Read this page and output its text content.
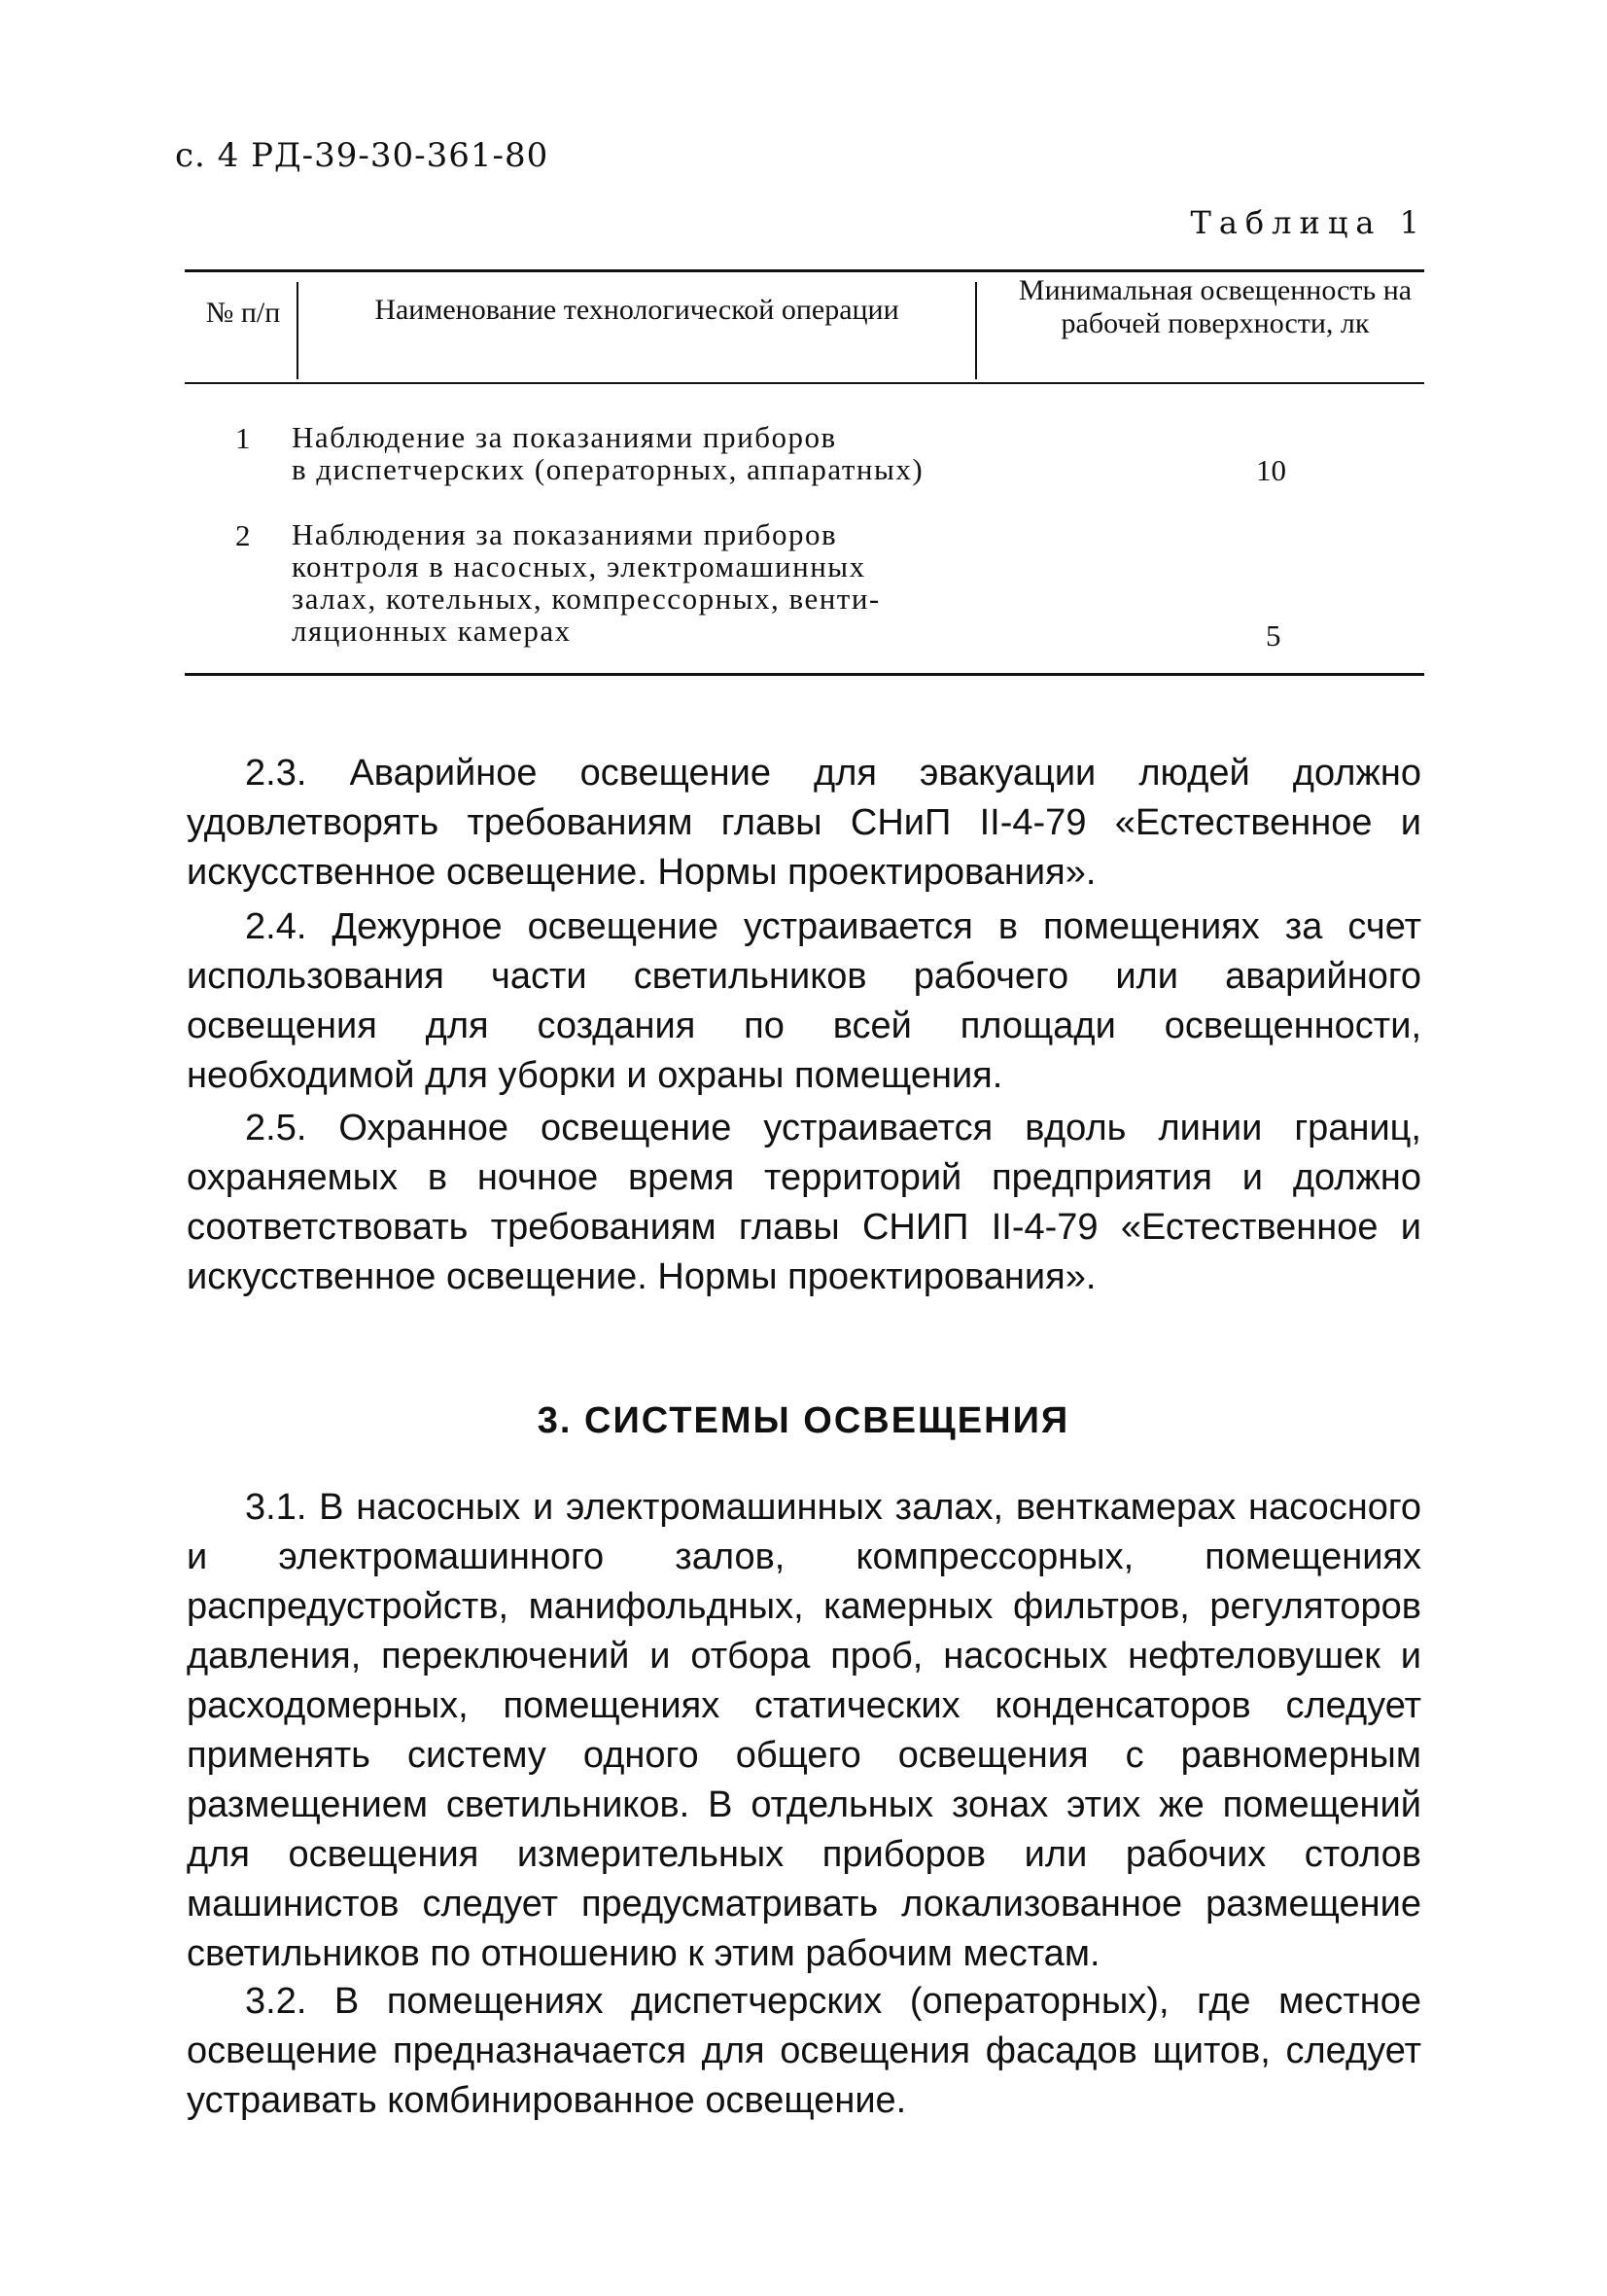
с. 4 РД-39-30-361-80
Таблица 1
№ п/п	Наименование технологической операции
Минимальная освещенность на рабочей поверхности, лк
1 Наблюдение за показаниями приборов
в диспетчерских (операторных, аппаратных)	10
2 Наблюдения за показаниями приборов
контроля в насосных, электромашинных
залах, котельных, компрессорных, венти-
ляционных камерах	5

2.3. Аварийное освещение для эвакуации людей должно удовлетворять требованиям главы СНиП II-4-79 «Естественное и искусственное освещение. Нормы проектирования».

2.4. Дежурное освещение устраивается в помещениях за счет использования части светильников рабочего или аварийного освещения для создания по всей площади освещенности, необходимой для уборки и охраны помещения.

2.5. Охранное освещение устраивается вдоль линии границ, охраняемых в ночное время территорий предприятия и должно соответствовать требованиям главы СНИП II-4-79 «Естественное и искусственное освещение. Нормы проектирования».

3. СИСТЕМЫ ОСВЕЩЕНИЯ

3.1. В насосных и электромашинных залах, венткамерах насосного и электромашинного залов, компрессорных, помещениях распредустройств, манифольдных, камерных фильтров, регуляторов давления, переключений и отбора проб, насосных нефтеловушек и расходомерных, помещениях статических конденсаторов следует применять систему одного общего освещения с равномерным размещением светильников. В отдельных зонах этих же помещений для освещения измерительных приборов или рабочих столов машинистов следует предусматривать локализованное размещение светильников по отношению к этим рабочим местам.

3.2. В помещениях диспетчерских (операторных), где местное освещение предназначается для освещения фасадов щитов, следует устраивать комбинированное освещение.
